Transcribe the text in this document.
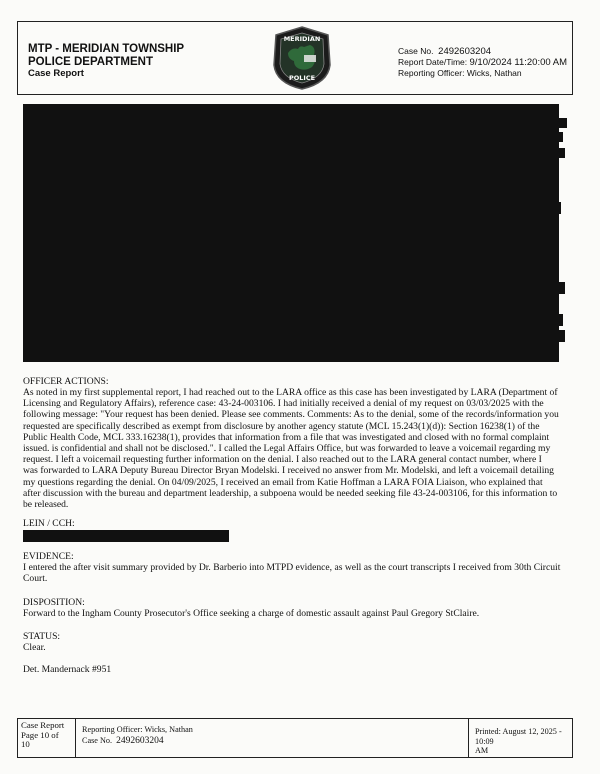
MTP - MERIDIAN TOWNSHIP
POLICE DEPARTMENT
Case Report
MERIDIAN
POLICE
Case No. 2492603204
Report Date/Time: 9/10/2024 11:20:00 AM
Reporting Officer: Wicks, Nathan
OFFICER ACTIONS:
As noted in my first supplemental report, I had reached out to the LARA office as this case has been investigated by LARA (Department of
Licensing and Regulatory Affairs), reference case: 43-24-003106. I had initially received a denial of my request on 03/03/2025 with the
following message: "Your request has been denied. Please see comments. Comments: As to the denial, some of the records/information you
requested are specifically described as exempt from disclosure by another agency statute (MCL 15.243(1)(d)): Section 16238(1) of the
Public Health Code, MCL 333.16238(1), provides that information from a file that was investigated and closed with no formal complaint
issued. is confidential and shall not be disclosed.". I called the Legal Affairs Office, but was forwarded to leave a voicemail regarding my
request. I left a voicemail requesting further information on the denial. I also reached out to the LARA general contact number, where I
was forwarded to LARA Deputy Bureau Director Bryan Modelski. I received no answer from Mr. Modelski, and left a voicemail detailing
my questions regarding the denial. On 04/09/2025, I received an email from Katie Hoffman a LARA FOIA Liaison, who explained that
after discussion with the bureau and department leadership, a subpoena would be needed seeking file 43-24-003106, for this information to
be released.
LEIN / CCH:
EVIDENCE:
I entered the after visit summary provided by Dr. Barberio into MTPD evidence, as well as the court transcripts I received from 30th Circuit
Court.
DISPOSITION:
Forward to the Ingham County Prosecutor's Office seeking a charge of domestic assault against Paul Gregory StClaire.
STATUS:
Clear.
Det. Mandernack #951
Case Report
Page 10 of
10
Reporting Officer: Wicks, Nathan
Case No. 2492603204
Printed: August 12, 2025 - 10:09
AM
